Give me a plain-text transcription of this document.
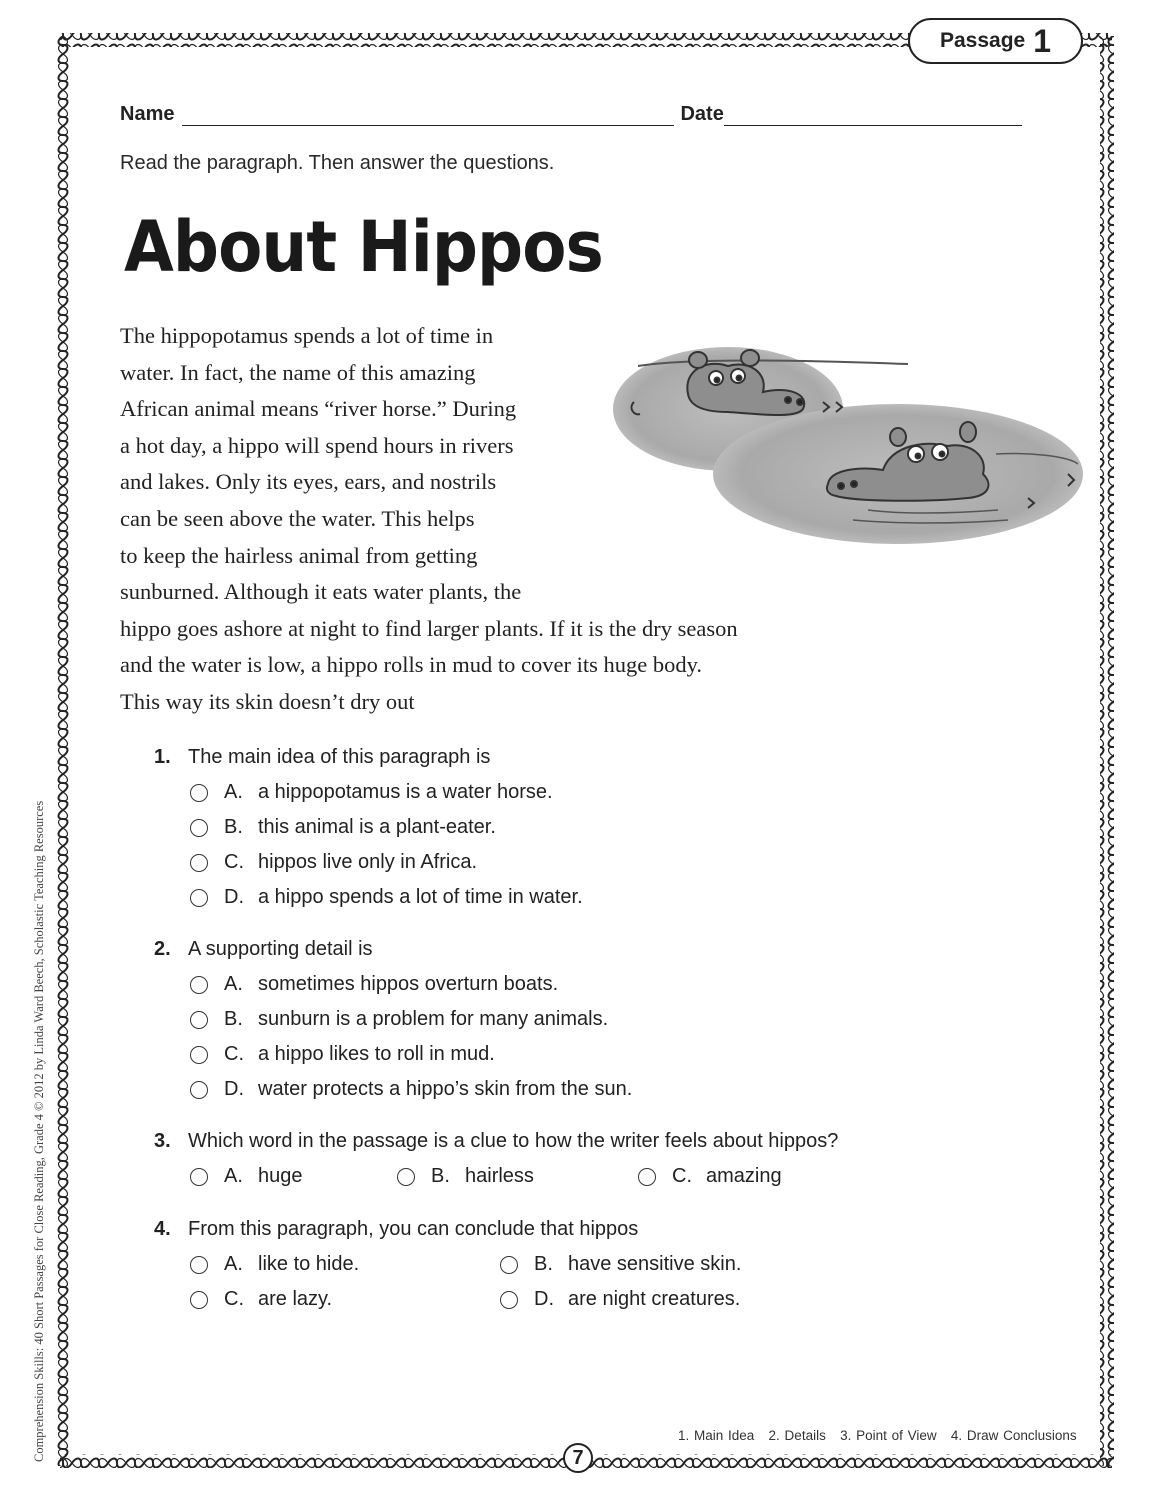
Passage 1
Name	Date
Read the paragraph. Then answer the questions.
About Hippos
The hippopotamus spends a lot of time in
water. In fact, the name of this amazing
African animal means “river horse.” During
a hot day, a hippo will spend hours in rivers
and lakes. Only its eyes, ears, and nostrils
can be seen above the water. This helps
to keep the hairless animal from getting
sunburned. Although it eats water plants, the
hippo goes ashore at night to find larger plants. If it is the dry season
and the water is low, a hippo rolls in mud to cover its huge body.
This way its skin doesn’t dry out
1. The main idea of this paragraph is
A. a hippopotamus is a water horse.
B. this animal is a plant-eater.
C. hippos live only in Africa.
D. a hippo spends a lot of time in water.
2. A supporting detail is
A. sometimes hippos overturn boats.
B. sunburn is a problem for many animals.
C. a hippo likes to roll in mud.
D. water protects a hippo’s skin from the sun.
3. Which word in the passage is a clue to how the writer feels about hippos?
A. huge	B. hairless	C. amazing
4. From this paragraph, you can conclude that hippos
A. like to hide.	B. have sensitive skin.
C. are lazy.	D. are night creatures.
1. Main Idea   2. Details   3. Point of View   4. Draw Conclusions
7
Comprehension Skills: 40 Short Passages for Close Reading, Grade 4 © 2012 by Linda Ward Beech, Scholastic Teaching Resources
